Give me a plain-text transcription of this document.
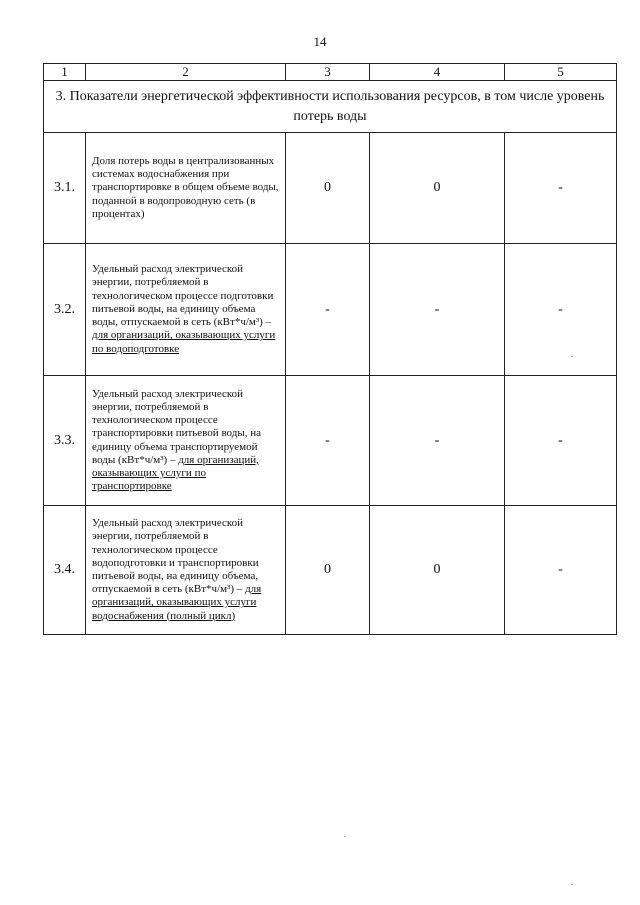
14
1	2	3	4	5
3. Показатели энергетической эффективности использования ресурсов, в том числе уровень потерь воды				
3.1.	Доля потерь воды в централизованных системах водоснабжения при транспортировке в общем объеме воды, поданной в водопроводную сеть (в процентах)	0	0	-
3.2.	Удельный расход электрической энергии, потребляемой в технологическом процессе подготовки питьевой воды, на единицу объема воды, отпускаемой в сеть (кВт*ч/м³) – для организаций, оказывающих услуги по водоподготовке	-	-	-
3.3.	Удельный расход электрической энергии, потребляемой в технологическом процессе транспортировки питьевой воды, на единицу объема транспортируемой воды (кВт*ч/м³) – для организаций, оказывающих услуги по транспортировке	-	-	-
3.4.	Удельный расход электрической энергии, потребляемой в технологическом процессе водоподготовки и транспортировки питьевой воды, на единицу объема, отпускаемой в сеть (кВт*ч/м³) – для организаций, оказывающих услуги водоснабжения (полный цикл)	0	0	-
